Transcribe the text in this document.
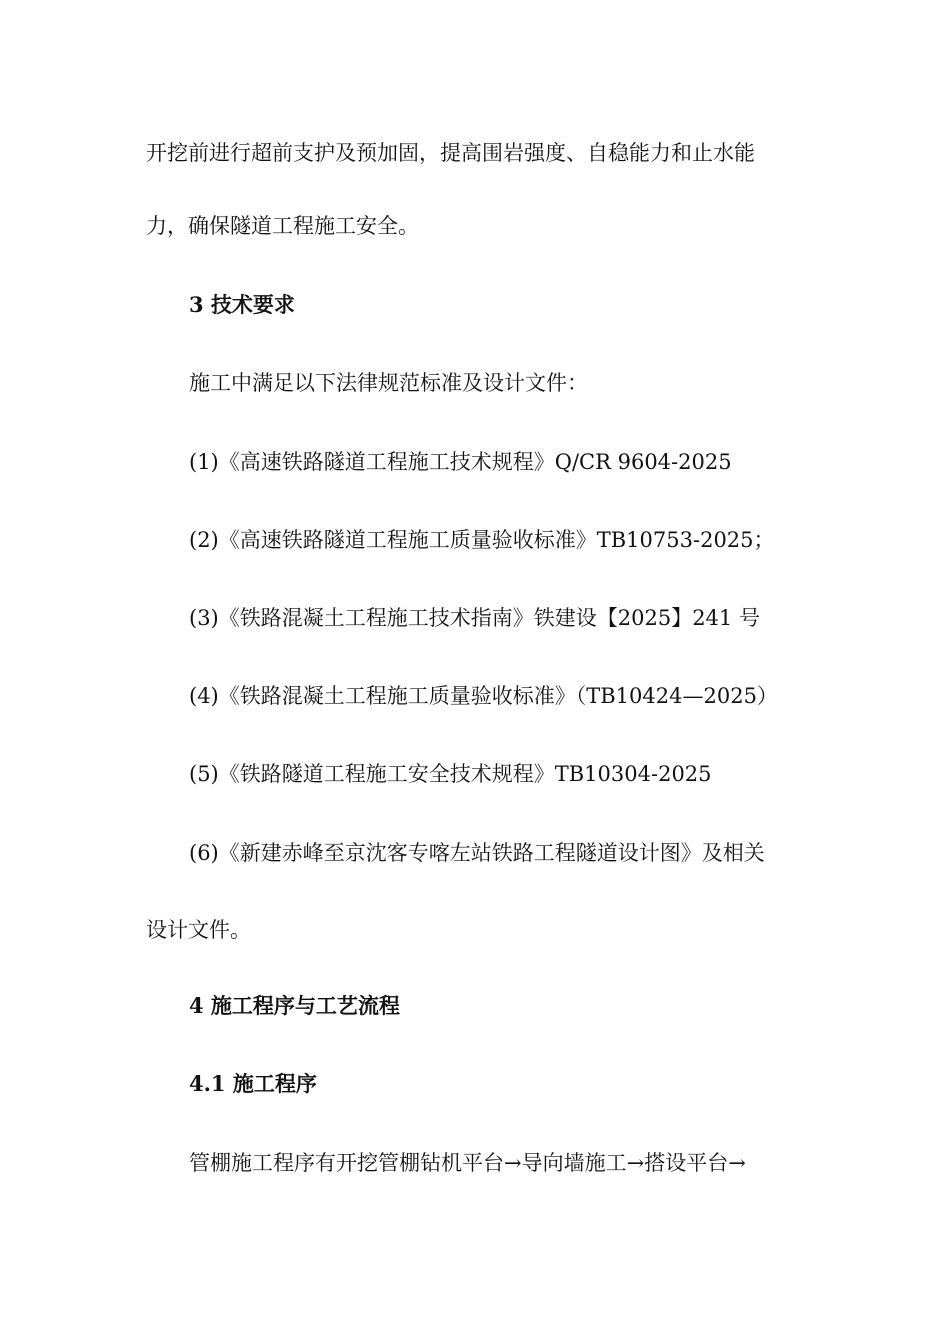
开挖前进行超前支护及预加固，提高围岩强度、自稳能力和止水能
力，确保隧道工程施工安全。
3 技术要求
施工中满足以下法律规范标准及设计文件：
(1)《高速铁路隧道工程施工技术规程》Q/CR 9604-2025
(2)《高速铁路隧道工程施工质量验收标准》TB10753-2025；
(3)《铁路混凝土工程施工技术指南》铁建设【2025】241 号
(4)《铁路混凝土工程施工质量验收标准》（TB10424—2025）
(5)《铁路隧道工程施工安全技术规程》TB10304-2025
(6)《新建赤峰至京沈客专喀左站铁路工程隧道设计图》及相关
设计文件。
4 施工程序与工艺流程
4.1 施工程序
管棚施工程序有开挖管棚钻机平台→导向墙施工→搭设平台→
